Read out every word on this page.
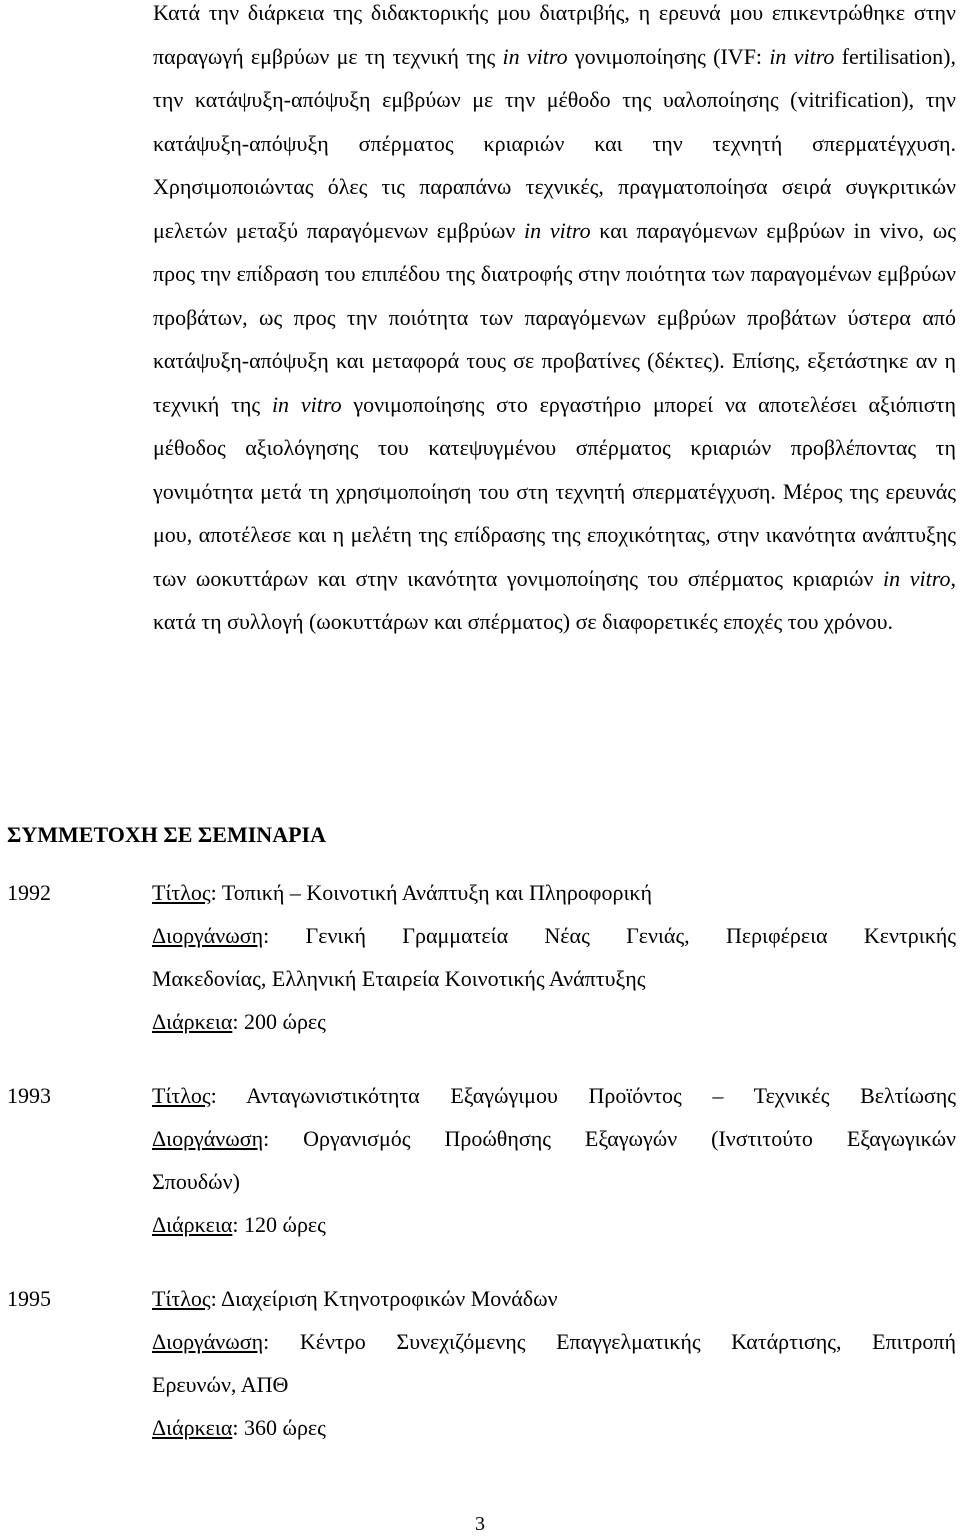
Κατά την διάρκεια της διδακτορικής μου διατριβής, η ερευνά μου επικεντρώθηκε στην παραγωγή εμβρύων με τη τεχνική της in vitro γονιμοποίησης (IVF: in vitro fertilisation), την κατάψυξη-απόψυξη εμβρύων με την μέθοδο της υαλοποίησης (vitrification), την κατάψυξη-απόψυξη σπέρματος κριαριών και την τεχνητή σπερματέγχυση. Χρησιμοποιώντας όλες τις παραπάνω τεχνικές, πραγματοποίησα σειρά συγκριτικών μελετών μεταξύ παραγόμενων εμβρύων in vitro και παραγόμενων εμβρύων in vivo, ως προς την επίδραση του επιπέδου της διατροφής στην ποιότητα των παραγομένων εμβρύων προβάτων, ως προς την ποιότητα των παραγόμενων εμβρύων προβάτων ύστερα από κατάψυξη-απόψυξη και μεταφορά τους σε προβατίνες (δέκτες). Επίσης, εξετάστηκε αν η τεχνική της in vitro γονιμοποίησης στο εργαστήριο μπορεί να αποτελέσει αξιόπιστη μέθοδος αξιολόγησης του κατεψυγμένου σπέρματος κριαριών προβλέποντας τη γονιμότητα μετά τη χρησιμοποίηση του στη τεχνητή σπερματέγχυση. Μέρος της ερευνάς μου, αποτέλεσε και η μελέτη της επίδρασης της εποχικότητας, στην ικανότητα ανάπτυξης των ωοκυττάρων και στην ικανότητα γονιμοποίησης του σπέρματος κριαριών in vitro, κατά τη συλλογή (ωοκυττάρων και σπέρματος) σε διαφορετικές εποχές του χρόνου.

ΣΥΜΜΕΤΟΧΗ ΣΕ ΣΕΜΙΝΑΡΙΑ
1992	Τίτλος: Τοπική – Κοινοτική Ανάπτυξη και Πληροφορική
Διοργάνωση: Γενική Γραμματεία Νέας Γενιάς, Περιφέρεια Κεντρικής
Μακεδονίας, Ελληνική Εταιρεία Κοινοτικής Ανάπτυξης
Διάρκεια: 200 ώρες
1993	Τίτλος: Ανταγωνιστικότητα Εξαγώγιμου Προϊόντος – Τεχνικές Βελτίωσης
Διοργάνωση: Οργανισμός Προώθησης Εξαγωγών (Ινστιτούτο Εξαγωγικών
Σπουδών)
Διάρκεια: 120 ώρες
1995	Τίτλος: Διαχείριση Κτηνοτροφικών Μονάδων
Διοργάνωση: Κέντρο Συνεχιζόμενης Επαγγελματικής Κατάρτισης, Επιτροπή
Ερευνών, ΑΠΘ
Διάρκεια: 360 ώρες
3
